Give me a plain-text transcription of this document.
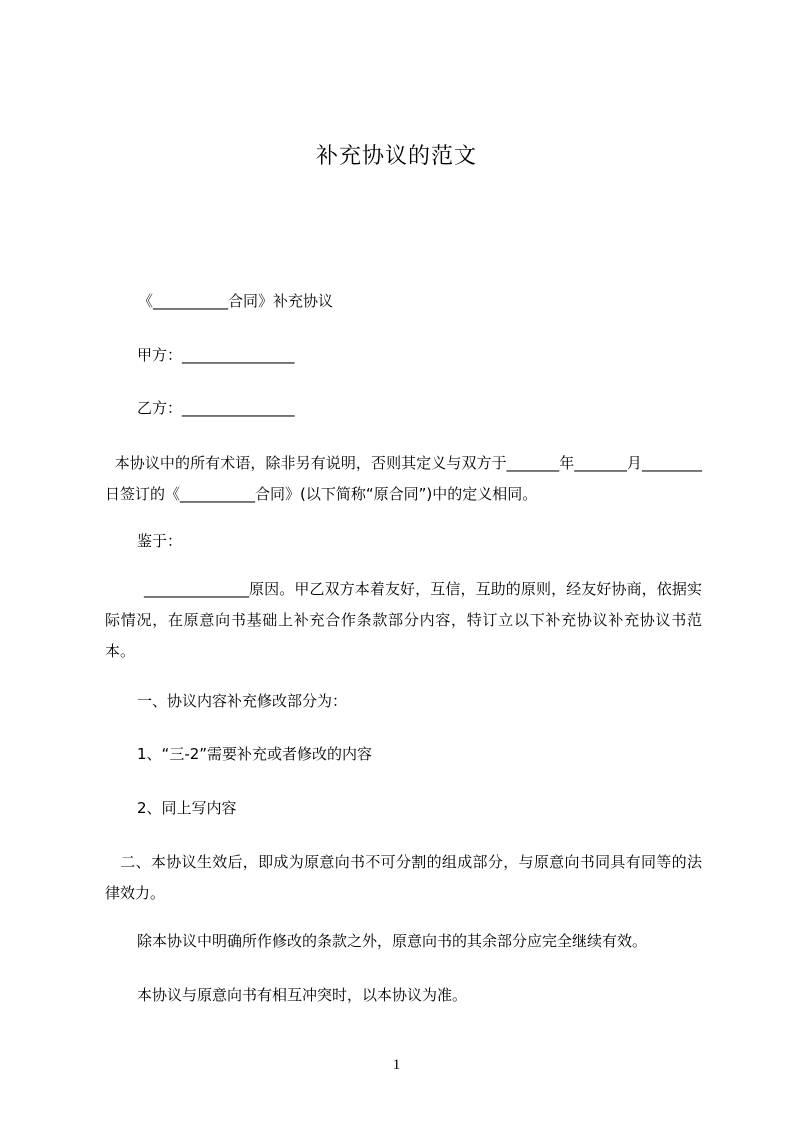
补充协议的范文
《__________合同》补充协议
甲方：_______________
乙方：_______________
本协议中的所有术语，除非另有说明，否则其定义与双方于_______年_______月________日签订的《__________合同》(以下简称“原合同”)中的定义相同。
鉴于：
______________原因。甲乙双方本着友好，互信，互助的原则，经友好协商，依据实际情况，在原意向书基础上补充合作条款部分内容，特订立以下补充协议补充协议书范本。
一、协议内容补充修改部分为：
1、“三-2”需要补充或者修改的内容
2、同上写内容
二、本协议生效后，即成为原意向书不可分割的组成部分，与原意向书同具有同等的法律效力。
除本协议中明确所作修改的条款之外，原意向书的其余部分应完全继续有效。
本协议与原意向书有相互冲突时，以本协议为准。
1
